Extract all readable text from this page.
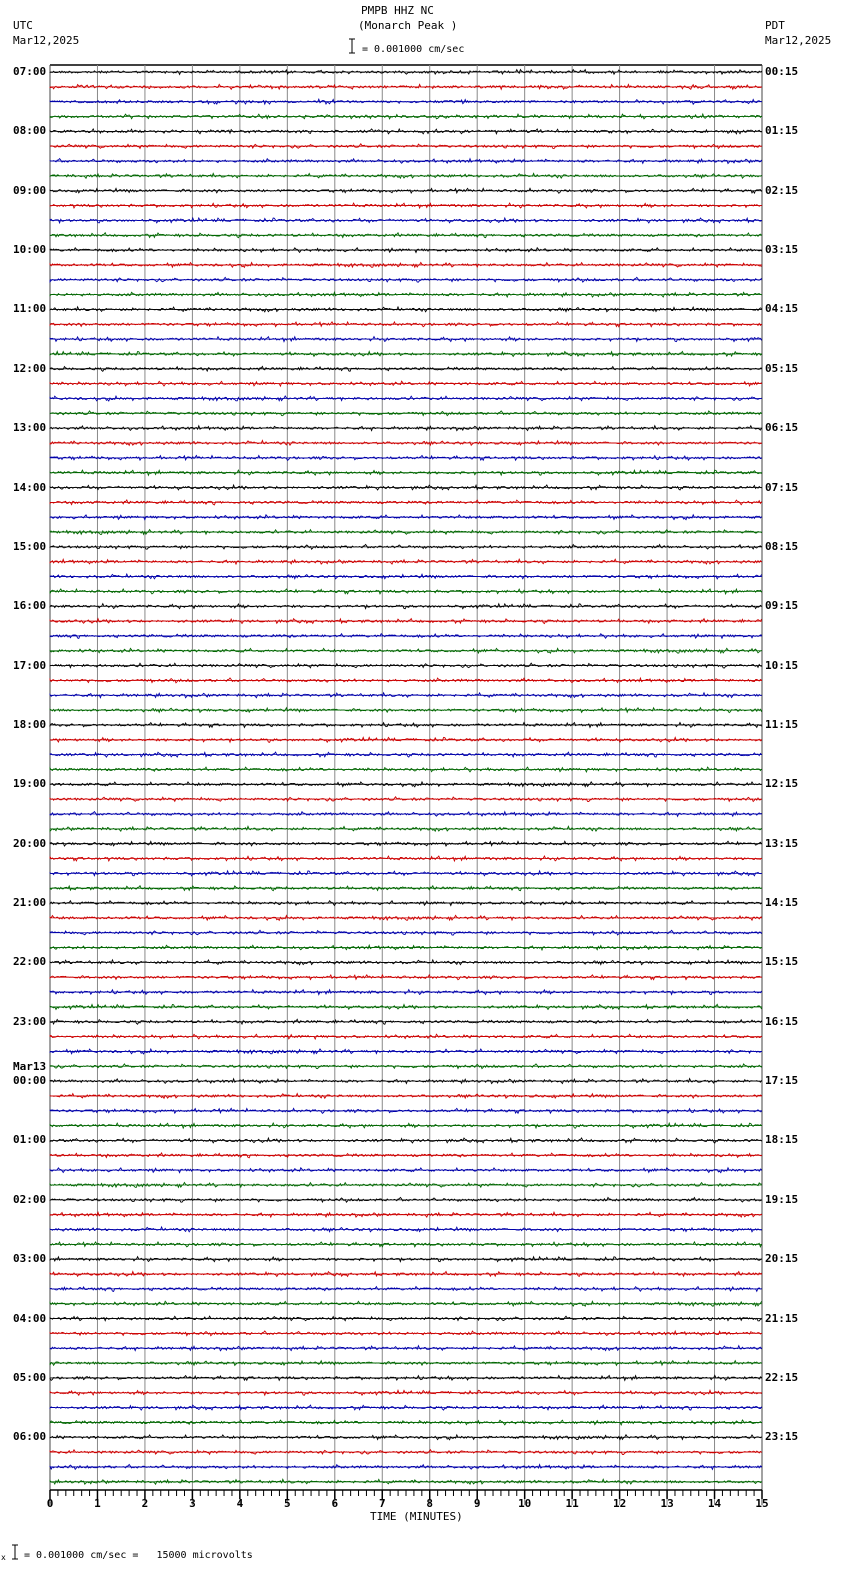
PMPB HHZ NC
(Monarch Peak )
UTC
Mar12,2025
PDT
Mar12,2025
= 0.001000 cm/sec
TIME (MINUTES)
x = 0.001000 cm/sec =   15000 microvolts
0	1	2	3	4	5	6	7	8	9	10	11	12	13	14	15
07:00	00:15
08:00	01:15
09:00	02:15
10:00	03:15
11:00	04:15
12:00	05:15
13:00	06:15
14:00	07:15
15:00	08:15
16:00	09:15
17:00	10:15
18:00	11:15
19:00	12:15
20:00	13:15
21:00	14:15
22:00	15:15
23:00	16:15
00:00	17:15
Mar13
01:00	18:15
02:00	19:15
03:00	20:15
04:00	21:15
05:00	22:15
06:00	23:15
